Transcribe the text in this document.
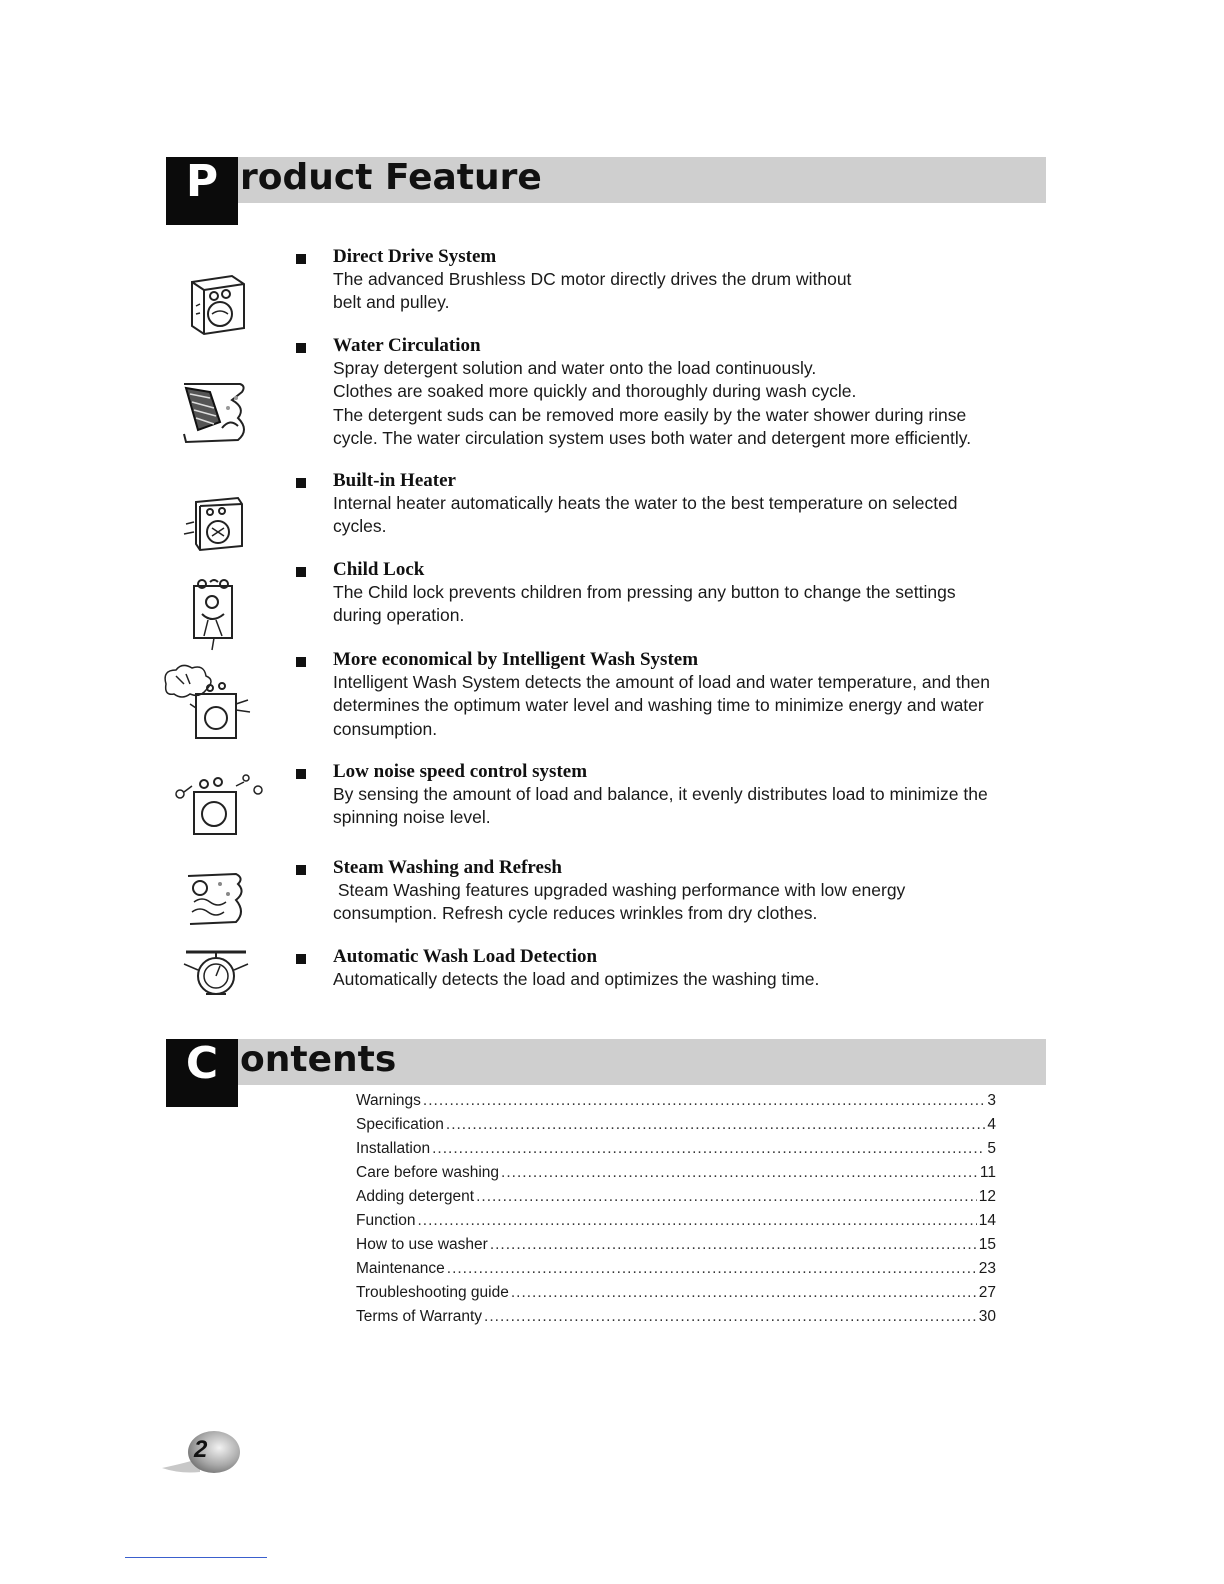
P roduct Feature
Direct Drive System
The advanced Brushless DC motor directly drives the drum without
belt and pulley.
Water Circulation
Spray detergent solution and water onto the load continuously.
Clothes are soaked more quickly and thoroughly during wash cycle.
The detergent suds can be removed more easily by the water shower during rinse
cycle. The water circulation system uses both water and detergent more efficiently.
Built-in Heater
Internal heater automatically heats the water to the best temperature on selected
cycles.
Child Lock
The Child lock prevents children from pressing any button to change the settings
during operation.
More economical by Intelligent Wash System
Intelligent Wash System detects the amount of load and water temperature, and then
determines the optimum water level and washing time to minimize energy and water
consumption.
Low noise speed control system
By sensing the amount of load and balance, it evenly distributes load to minimize the
spinning noise level.
Steam Washing and Refresh
Steam Washing features upgraded washing performance with low energy
consumption. Refresh cycle reduces wrinkles from dry clothes.
Automatic Wash Load Detection
Automatically detects the load and optimizes the washing time.
C ontents
Warnings .....	3
Specification .....	4
Installation .....	5
Care before washing .....	11
Adding detergent .....	12
Function .....	14
How to use washer .....	15
Maintenance .....	23
Troubleshooting guide .....	27
Terms of Warranty .....	30
2
